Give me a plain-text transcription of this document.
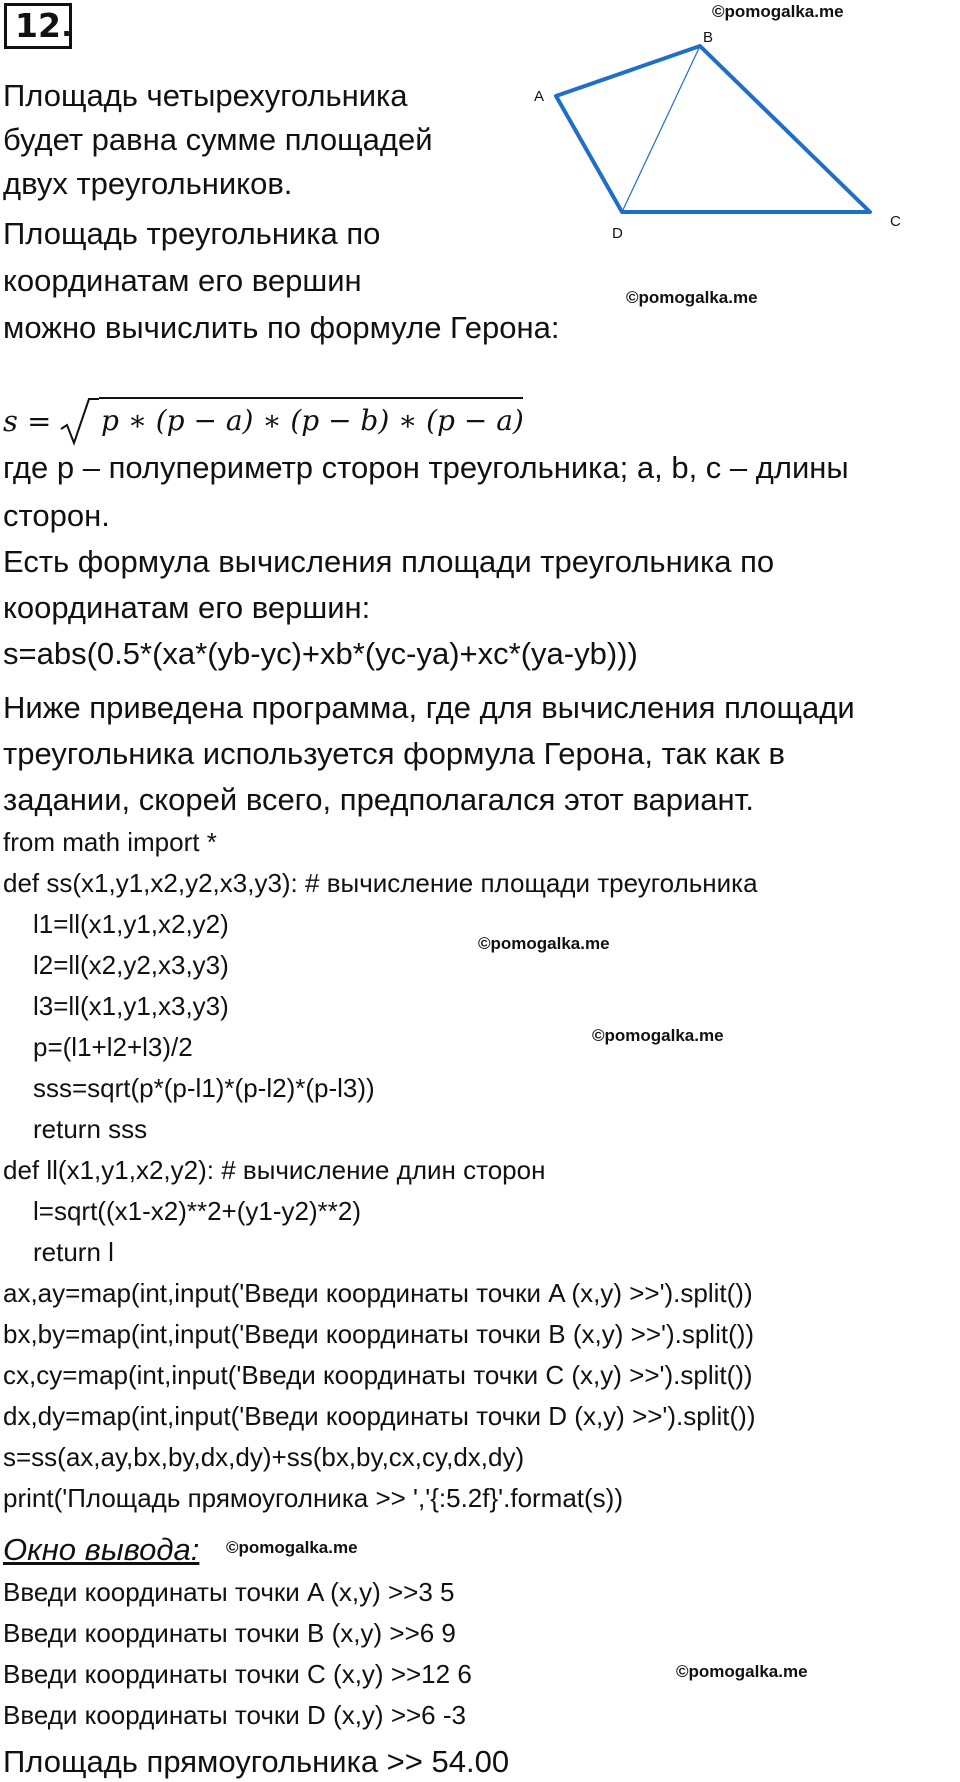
12 .	©pomogalka.me
©pomogalka.me
©pomogalka.me
©pomogalka.me
©pomogalka.me
©pomogalka.me
A
B
C
D
Площадь четырехугольника
будет равна сумме площадей
двух треугольников.
Площадь треугольника по
координатам его вершин
можно вычислить по формуле Герона:
s = p ∗ (p − a) ∗ (p − b) ∗ (p − a)
где p – полупериметр сторон треугольника; a, b, c – длины
сторон.
Есть формула вычисления площади треугольника по
координатам его вершин:
s=abs(0.5*(xa*(yb-yc)+xb*(yc-ya)+xc*(ya-yb)))
Ниже приведена программа, где для вычисления площади
треугольника используется формула Герона, так как в
задании, скорей всего, предполагался этот вариант.
from math import *
def ss(x1,y1,x2,y2,x3,y3): # вычисление площади треугольника
l1=ll(x1,y1,x2,y2)
l2=ll(x2,y2,x3,y3)
l3=ll(x1,y1,x3,y3)
p=(l1+l2+l3)/2
sss=sqrt(p*(p-l1)*(p-l2)*(p-l3))
return sss
def ll(x1,y1,x2,y2): # вычисление длин сторон
l=sqrt((x1-x2)**2+(y1-y2)**2)
return l
ax,ay=map(int,input('Введи координаты точки A (x,y) >>').split())
bx,by=map(int,input('Введи координаты точки B (x,y) >>').split())
cx,cy=map(int,input('Введи координаты точки C (x,y) >>').split())
dx,dy=map(int,input('Введи координаты точки D (x,y) >>').split())
s=ss(ax,ay,bx,by,dx,dy)+ss(bx,by,cx,cy,dx,dy)
print('Площадь прямоуголника >> ','{:5.2f}'.format(s))
Окно вывода:
Введи координаты точки A (x,y) >>3 5
Введи координаты точки B (x,y) >>6 9
Введи координаты точки C (x,y) >>12 6
Введи координаты точки D (x,y) >>6 -3
Площадь прямоугольника >> 54.00
